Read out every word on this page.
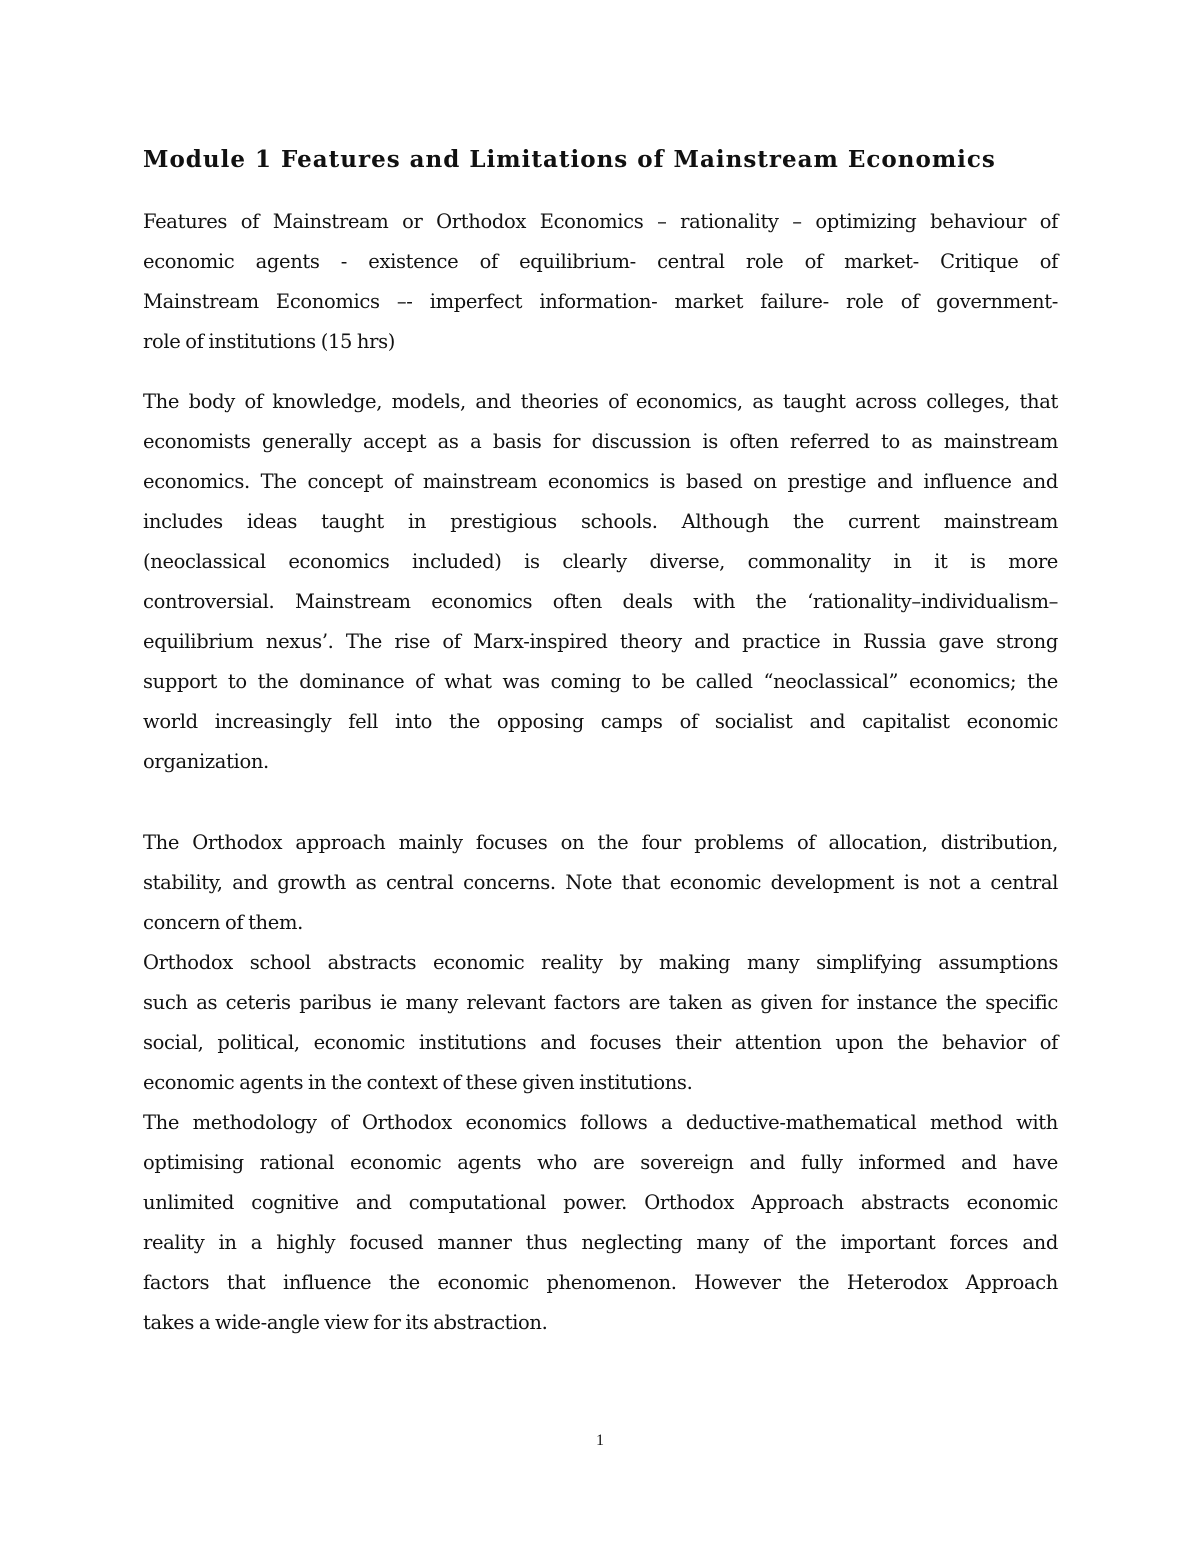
Module 1 Features and Limitations of Mainstream Economics
Features of Mainstream or Orthodox Economics – rationality – optimizing behaviour of
economic agents - existence of equilibrium- central role of market- Critique of
Mainstream Economics –- imperfect information- market failure- role of government-
role of institutions (15 hrs)
The body of knowledge, models, and theories of economics, as taught across colleges, that
economists generally accept as a basis for discussion is often referred to as mainstream
economics. The concept of mainstream economics is based on prestige and influence and
includes ideas taught in prestigious schools. Although the current mainstream
(neoclassical economics included) is clearly diverse, commonality in it is more
controversial. Mainstream economics often deals with the ‘rationality–individualism–
equilibrium nexus’. The rise of Marx-inspired theory and practice in Russia gave strong
support to the dominance of what was coming to be called “neoclassical” economics; the
world increasingly fell into the opposing camps of socialist and capitalist economic
organization.
The Orthodox approach mainly focuses on the four problems of allocation, distribution,
stability, and growth as central concerns. Note that economic development is not a central
concern of them.
Orthodox school abstracts economic reality by making many simplifying assumptions
such as ceteris paribus ie many relevant factors are taken as given for instance the specific
social, political, economic institutions and focuses their attention upon the behavior of
economic agents in the context of these given institutions.
The methodology of Orthodox economics follows a deductive-mathematical method with
optimising rational economic agents who are sovereign and fully informed and have
unlimited cognitive and computational power. Orthodox Approach abstracts economic
reality in a highly focused manner thus neglecting many of the important forces and
factors that influence the economic phenomenon. However the Heterodox Approach
takes a wide-angle view for its abstraction.
1
